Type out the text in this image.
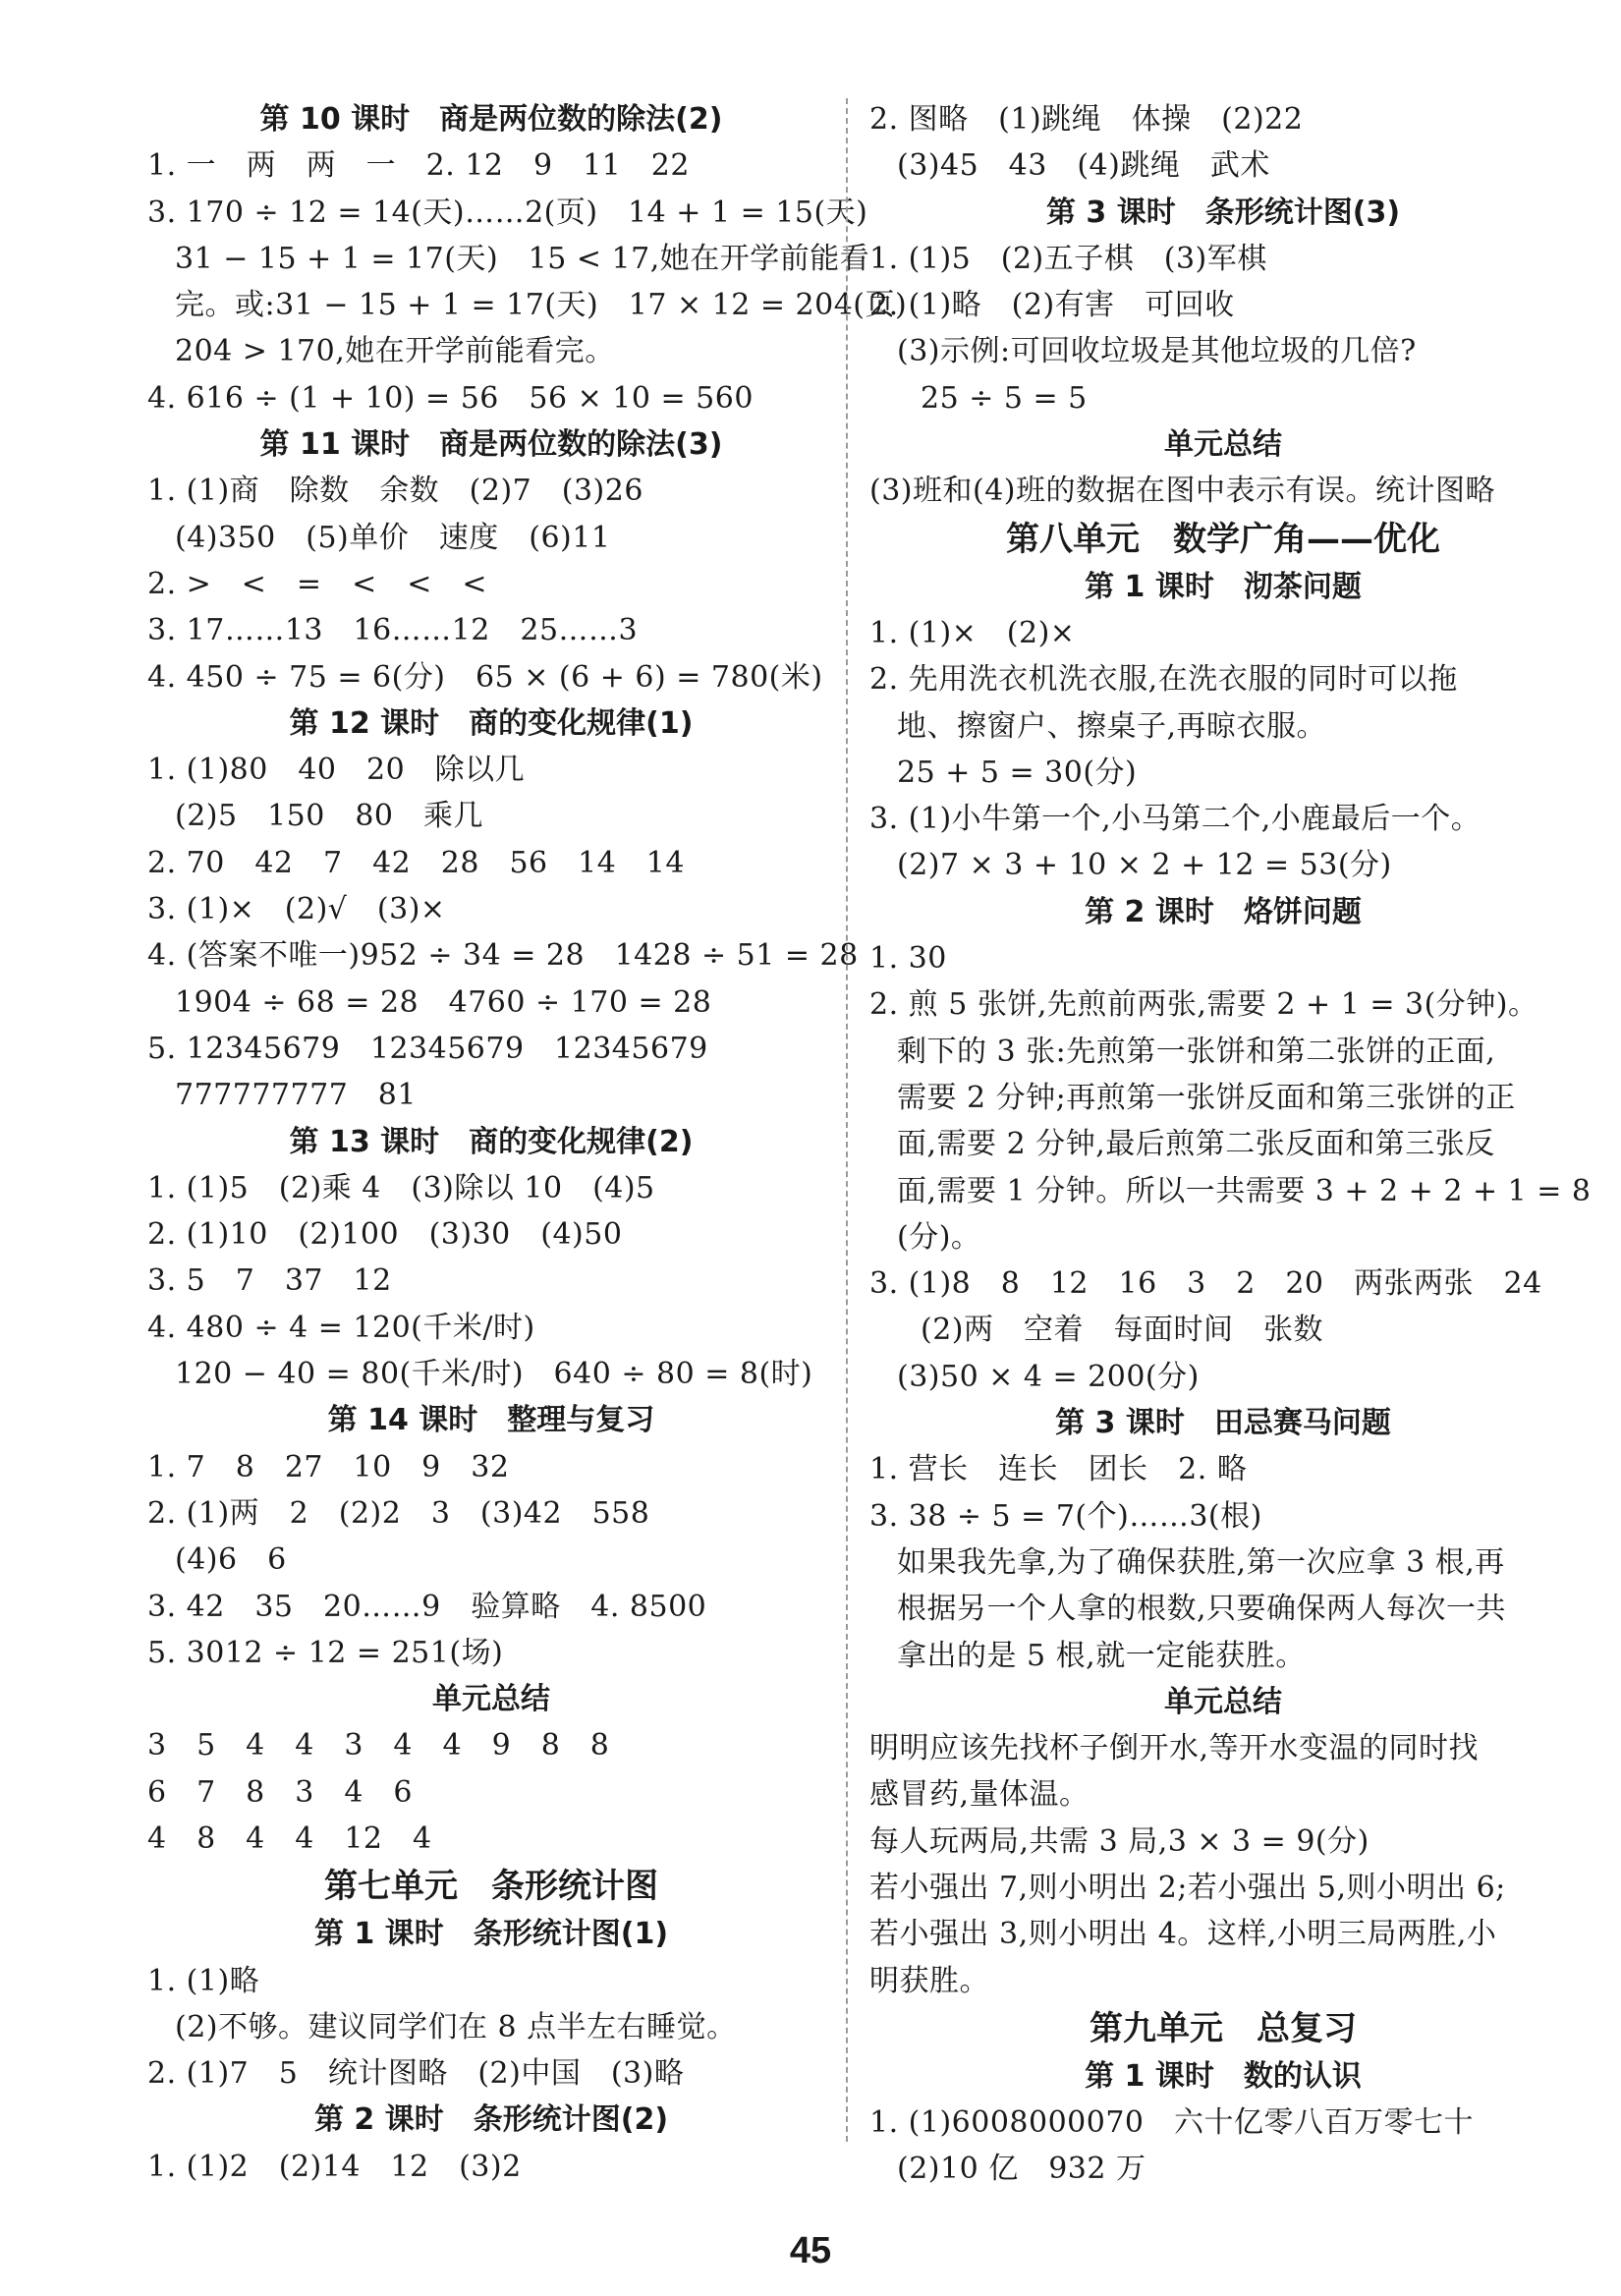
第 10 课时　商是两位数的除法(2)
1. 一　两　两　一　2. 12　9　11　22
3. 170 ÷ 12 = 14(天)……2(页)　14 + 1 = 15(天)
31 − 15 + 1 = 17(天)　15 < 17,她在开学前能看
完。或:31 − 15 + 1 = 17(天)　17 × 12 = 204(页)
204 > 170,她在开学前能看完。
4. 616 ÷ (1 + 10) = 56　56 × 10 = 560
第 11 课时　商是两位数的除法(3)
1. (1)商　除数　余数　(2)7　(3)26
(4)350　(5)单价　速度　(6)11
2. >　<　=　<　<　<
3. 17……13　16……12　25……3
4. 450 ÷ 75 = 6(分)　65 × (6 + 6) = 780(米)
第 12 课时　商的变化规律(1)
1. (1)80　40　20　除以几
(2)5　150　80　乘几
2. 70　42　7　42　28　56　14　14
3. (1)×　(2)√　(3)×
4. (答案不唯一)952 ÷ 34 = 28　1428 ÷ 51 = 28
1904 ÷ 68 = 28　4760 ÷ 170 = 28
5. 12345679　12345679　12345679
777777777　81
第 13 课时　商的变化规律(2)
1. (1)5　(2)乘 4　(3)除以 10　(4)5
2. (1)10　(2)100　(3)30　(4)50
3. 5　7　37　12
4. 480 ÷ 4 = 120(千米/时)
120 − 40 = 80(千米/时)　640 ÷ 80 = 8(时)
第 14 课时　整理与复习
1. 7　8　27　10　9　32
2. (1)两　2　(2)2　3　(3)42　558
(4)6　6
3. 42　35　20……9　验算略　4. 8500
5. 3012 ÷ 12 = 251(场)
单元总结
3　5　4　4　3　4　4　9　8　8
6　7　8　3　4　6
4　8　4　4　12　4
第七单元　条形统计图
第 1 课时　条形统计图(1)
1. (1)略
(2)不够。建议同学们在 8 点半左右睡觉。
2. (1)7　5　统计图略　(2)中国　(3)略
第 2 课时　条形统计图(2)
1. (1)2　(2)14　12　(3)2
2. 图略　(1)跳绳　体操　(2)22
(3)45　43　(4)跳绳　武术
第 3 课时　条形统计图(3)
1. (1)5　(2)五子棋　(3)军棋
2. (1)略　(2)有害　可回收
(3)示例:可回收垃圾是其他垃圾的几倍?
25 ÷ 5 = 5
单元总结
(3)班和(4)班的数据在图中表示有误。统计图略
第八单元　数学广角——优化
第 1 课时　沏茶问题
1. (1)×　(2)×
2. 先用洗衣机洗衣服,在洗衣服的同时可以拖
地、擦窗户、擦桌子,再晾衣服。
25 + 5 = 30(分)
3. (1)小牛第一个,小马第二个,小鹿最后一个。
(2)7 × 3 + 10 × 2 + 12 = 53(分)
第 2 课时　烙饼问题
1. 30
2. 煎 5 张饼,先煎前两张,需要 2 + 1 = 3(分钟)。
剩下的 3 张:先煎第一张饼和第二张饼的正面,
需要 2 分钟;再煎第一张饼反面和第三张饼的正
面,需要 2 分钟,最后煎第二张反面和第三张反
面,需要 1 分钟。所以一共需要 3 + 2 + 2 + 1 = 8
(分)。
3. (1)8　8　12　16　3　2　20　两张两张　24
(2)两　空着　每面时间　张数
(3)50 × 4 = 200(分)
第 3 课时　田忌赛马问题
1. 营长　连长　团长　2. 略
3. 38 ÷ 5 = 7(个)……3(根)
如果我先拿,为了确保获胜,第一次应拿 3 根,再
根据另一个人拿的根数,只要确保两人每次一共
拿出的是 5 根,就一定能获胜。
单元总结
明明应该先找杯子倒开水,等开水变温的同时找
感冒药,量体温。
每人玩两局,共需 3 局,3 × 3 = 9(分)
若小强出 7,则小明出 2;若小强出 5,则小明出 6;
若小强出 3,则小明出 4。这样,小明三局两胜,小
明获胜。
第九单元　总复习
第 1 课时　数的认识
1. (1)6008000070　六十亿零八百万零七十
(2)10 亿　932 万
45
